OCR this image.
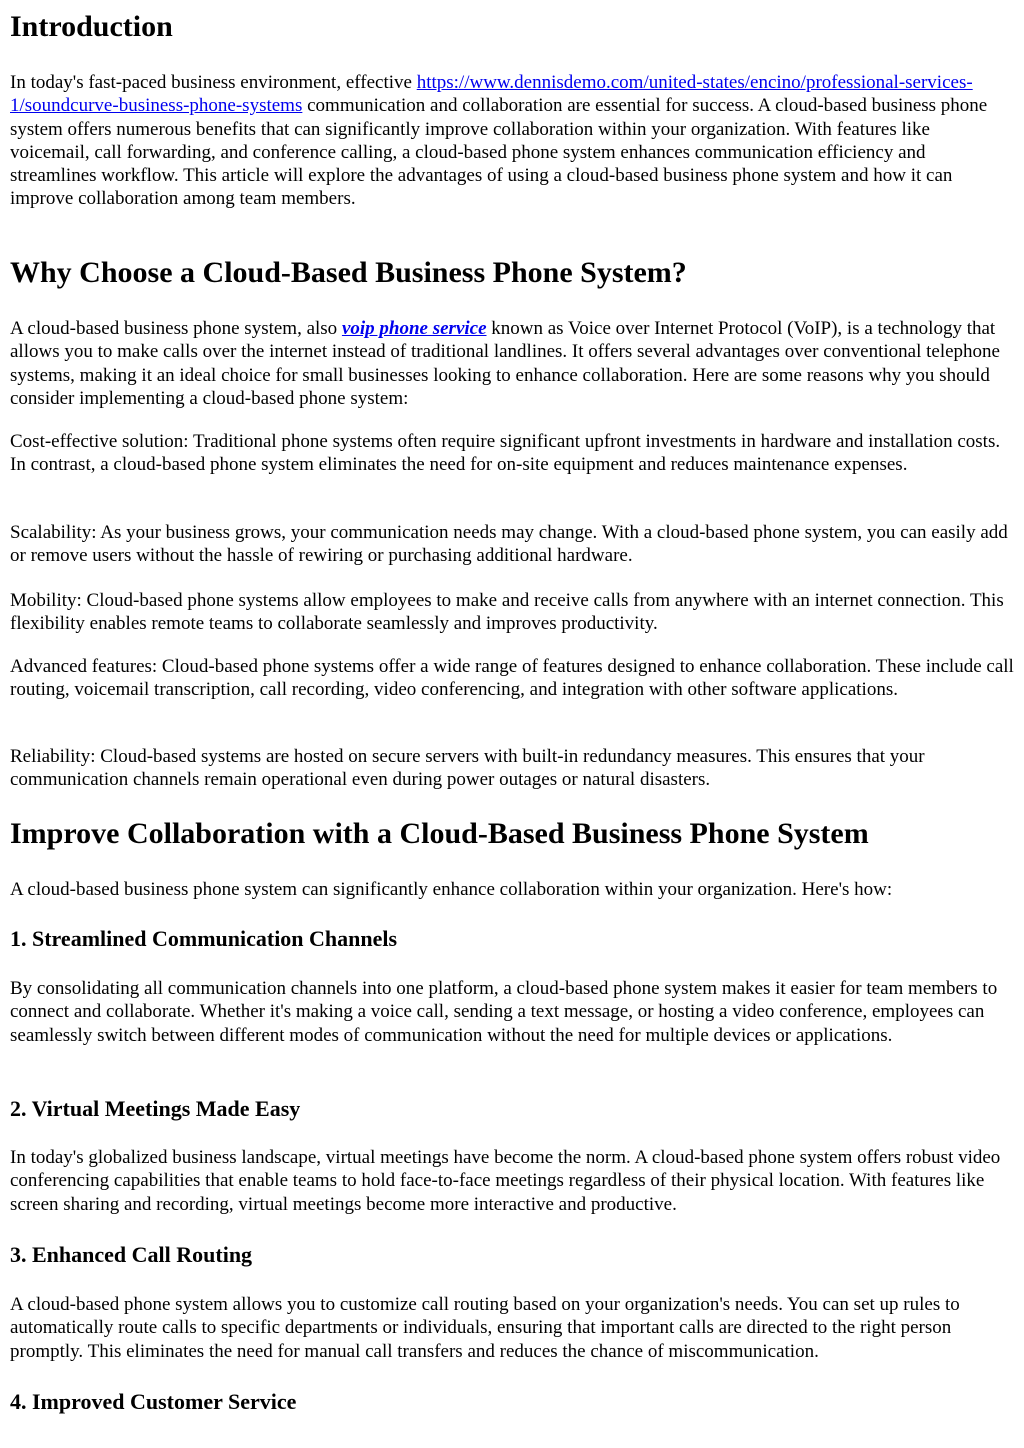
Introduction

In today's fast-paced business environment, effective https://www.dennisdemo.com/united-states/encino/professional-services-1/soundcurve-business-phone-systems communication and collaboration are essential for success. A cloud-based business phone system offers numerous benefits that can significantly improve collaboration within your organization. With features like voicemail, call forwarding, and conference calling, a cloud-based phone system enhances communication efficiency and streamlines workflow. This article will explore the advantages of using a cloud-based business phone system and how it can improve collaboration among team members.

Why Choose a Cloud-Based Business Phone System?

A cloud-based business phone system, also voip phone service known as Voice over Internet Protocol (VoIP), is a technology that allows you to make calls over the internet instead of traditional landlines. It offers several advantages over conventional telephone systems, making it an ideal choice for small businesses looking to enhance collaboration. Here are some reasons why you should consider implementing a cloud-based phone system:

Cost-effective solution: Traditional phone systems often require significant upfront investments in hardware and installation costs. In contrast, a cloud-based phone system eliminates the need for on-site equipment and reduces maintenance expenses.

Scalability: As your business grows, your communication needs may change. With a cloud-based phone system, you can easily add or remove users without the hassle of rewiring or purchasing additional hardware.

Mobility: Cloud-based phone systems allow employees to make and receive calls from anywhere with an internet connection. This flexibility enables remote teams to collaborate seamlessly and improves productivity.

Advanced features: Cloud-based phone systems offer a wide range of features designed to enhance collaboration. These include call routing, voicemail transcription, call recording, video conferencing, and integration with other software applications.

Reliability: Cloud-based systems are hosted on secure servers with built-in redundancy measures. This ensures that your communication channels remain operational even during power outages or natural disasters.

Improve Collaboration with a Cloud-Based Business Phone System

A cloud-based business phone system can significantly enhance collaboration within your organization. Here's how:

1. Streamlined Communication Channels

By consolidating all communication channels into one platform, a cloud-based phone system makes it easier for team members to connect and collaborate. Whether it's making a voice call, sending a text message, or hosting a video conference, employees can seamlessly switch between different modes of communication without the need for multiple devices or applications.

2. Virtual Meetings Made Easy

In today's globalized business landscape, virtual meetings have become the norm. A cloud-based phone system offers robust video conferencing capabilities that enable teams to hold face-to-face meetings regardless of their physical location. With features like screen sharing and recording, virtual meetings become more interactive and productive.

3. Enhanced Call Routing

A cloud-based phone system allows you to customize call routing based on your organization's needs. You can set up rules to automatically route calls to specific departments or individuals, ensuring that important calls are directed to the right person promptly. This eliminates the need for manual call transfers and reduces the chance of miscommunication.

4. Improved Customer Service
